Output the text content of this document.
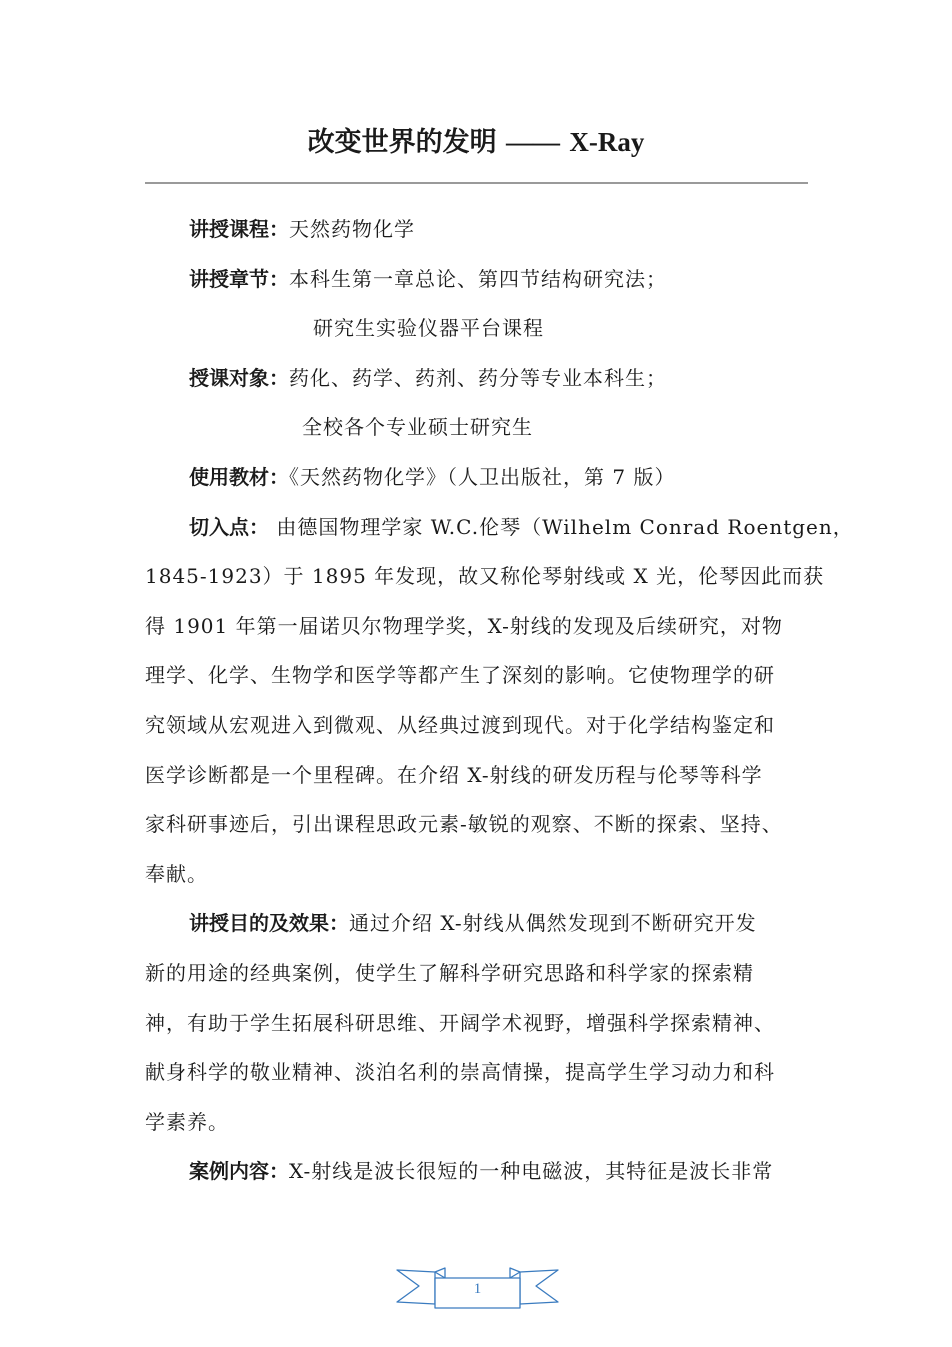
改变世界的发明 —— X-Ray
讲授课程：天然药物化学
讲授章节：本科生第一章总论、第四节结构研究法；
研究生实验仪器平台课程
授课对象：药化、药学、药剂、药分等专业本科生；
全校各个专业硕士研究生
使用教材：《天然药物化学》（人卫出版社，第 7 版）
切入点： 由德国物理学家 W.C.伦琴（Wilhelm Conrad Roentgen，
1845-1923）于 1895 年发现，故又称伦琴射线或 X 光，伦琴因此而获
得 1901 年第一届诺贝尔物理学奖，X-射线的发现及后续研究，对物
理学、化学、生物学和医学等都产生了深刻的影响。它使物理学的研
究领域从宏观进入到微观、从经典过渡到现代。对于化学结构鉴定和
医学诊断都是一个里程碑。在介绍 X-射线的研发历程与伦琴等科学
家科研事迹后，引出课程思政元素-敏锐的观察、不断的探索、坚持、
奉献。
讲授目的及效果：通过介绍 X-射线从偶然发现到不断研究开发
新的用途的经典案例，使学生了解科学研究思路和科学家的探索精
神，有助于学生拓展科研思维、开阔学术视野，增强科学探索精神、
献身科学的敬业精神、淡泊名利的崇高情操，提高学生学习动力和科
学素养。
案例内容：X-射线是波长很短的一种电磁波，其特征是波长非常
1
